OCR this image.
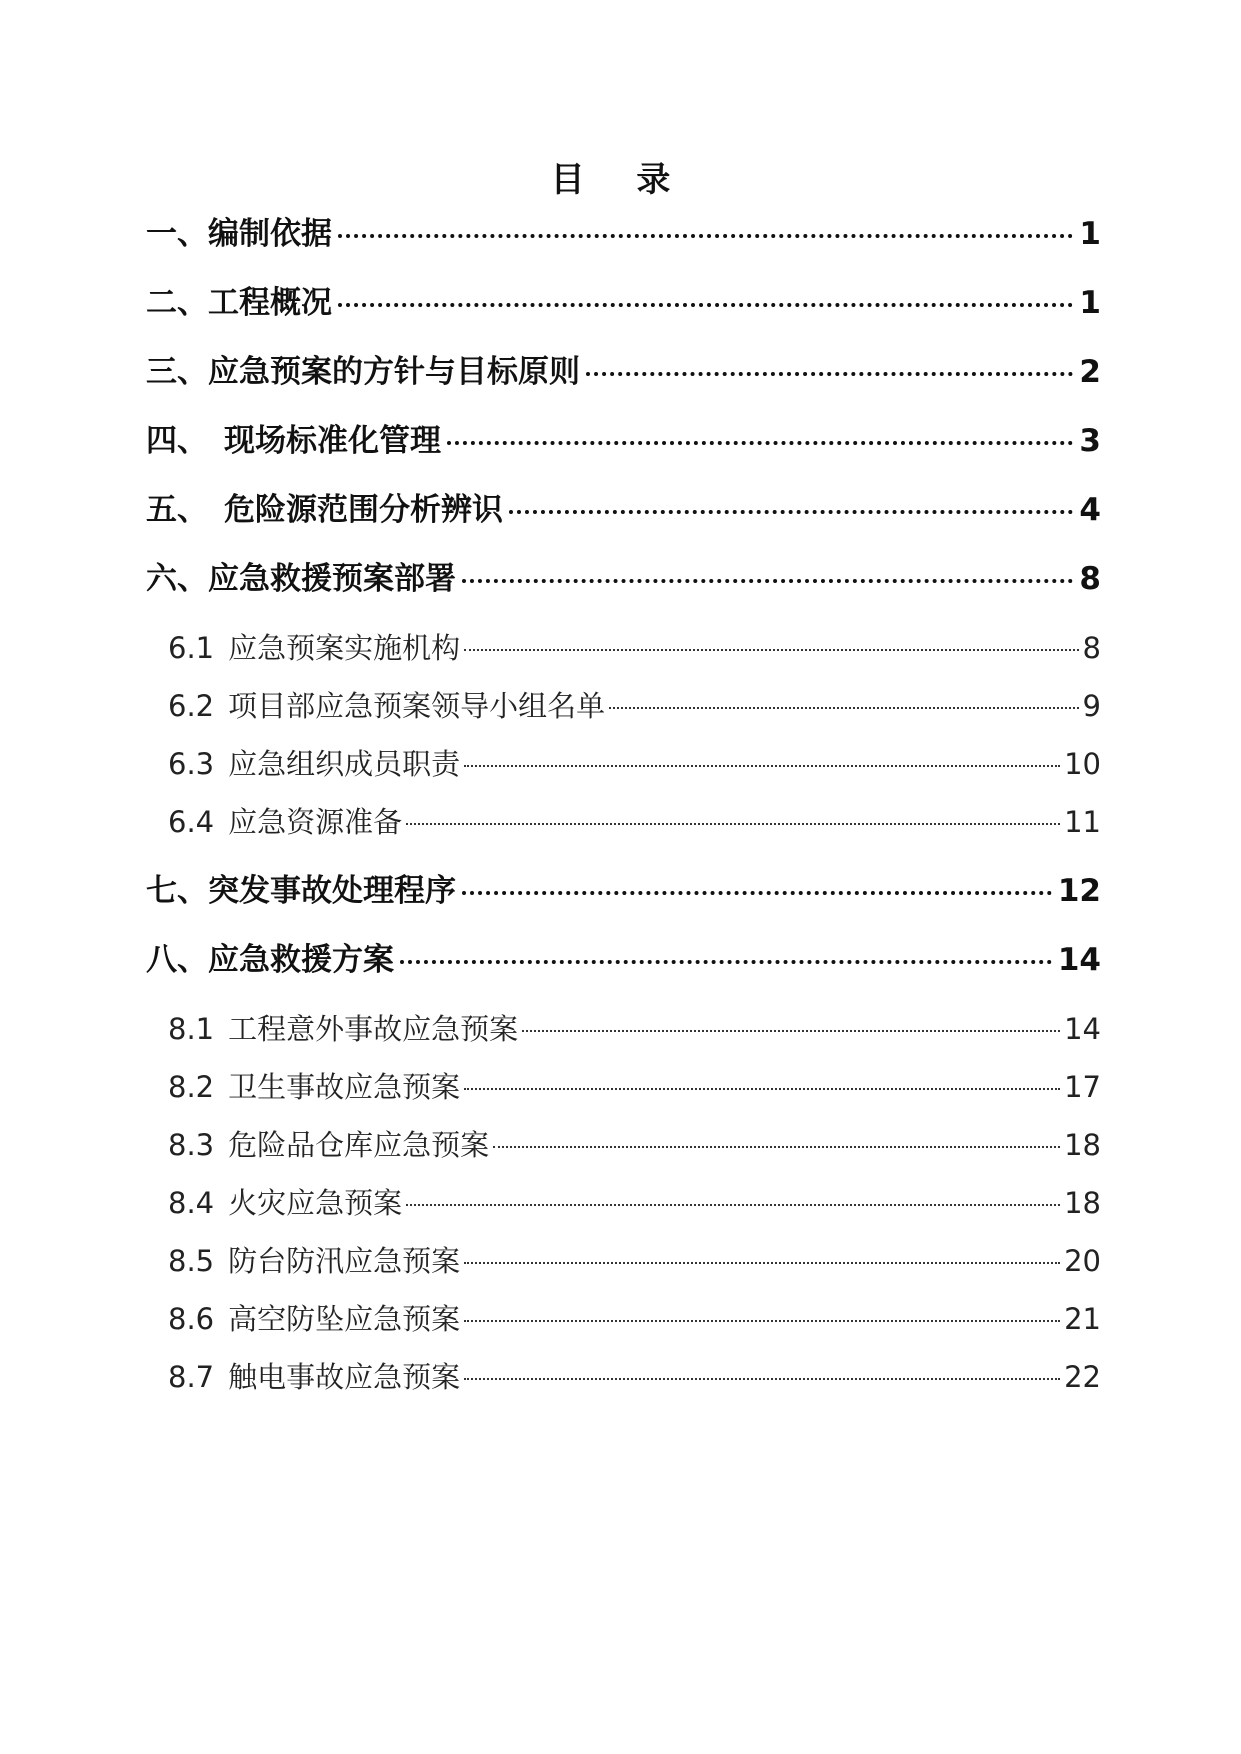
目 录
一、 编制依据	1
二、 工程概况	1
三、 应急预案的方针与目标原则	2
四、 现场标准化管理	3
五、 危险源范围分析辨识	4
六、 应急救援预案部署	8
6.1 应急预案实施机构	8
6.2 项目部应急预案领导小组名单	9
6.3 应急组织成员职责	10
6.4 应急资源准备	11
七、 突发事故处理程序	12
八、 应急救援方案	14
8.1 工程意外事故应急预案	14
8.2 卫生事故应急预案	17
8.3 危险品仓库应急预案	18
8.4 火灾应急预案	18
8.5 防台防汛应急预案	20
8.6 高空防坠应急预案	21
8.7 触电事故应急预案	22
